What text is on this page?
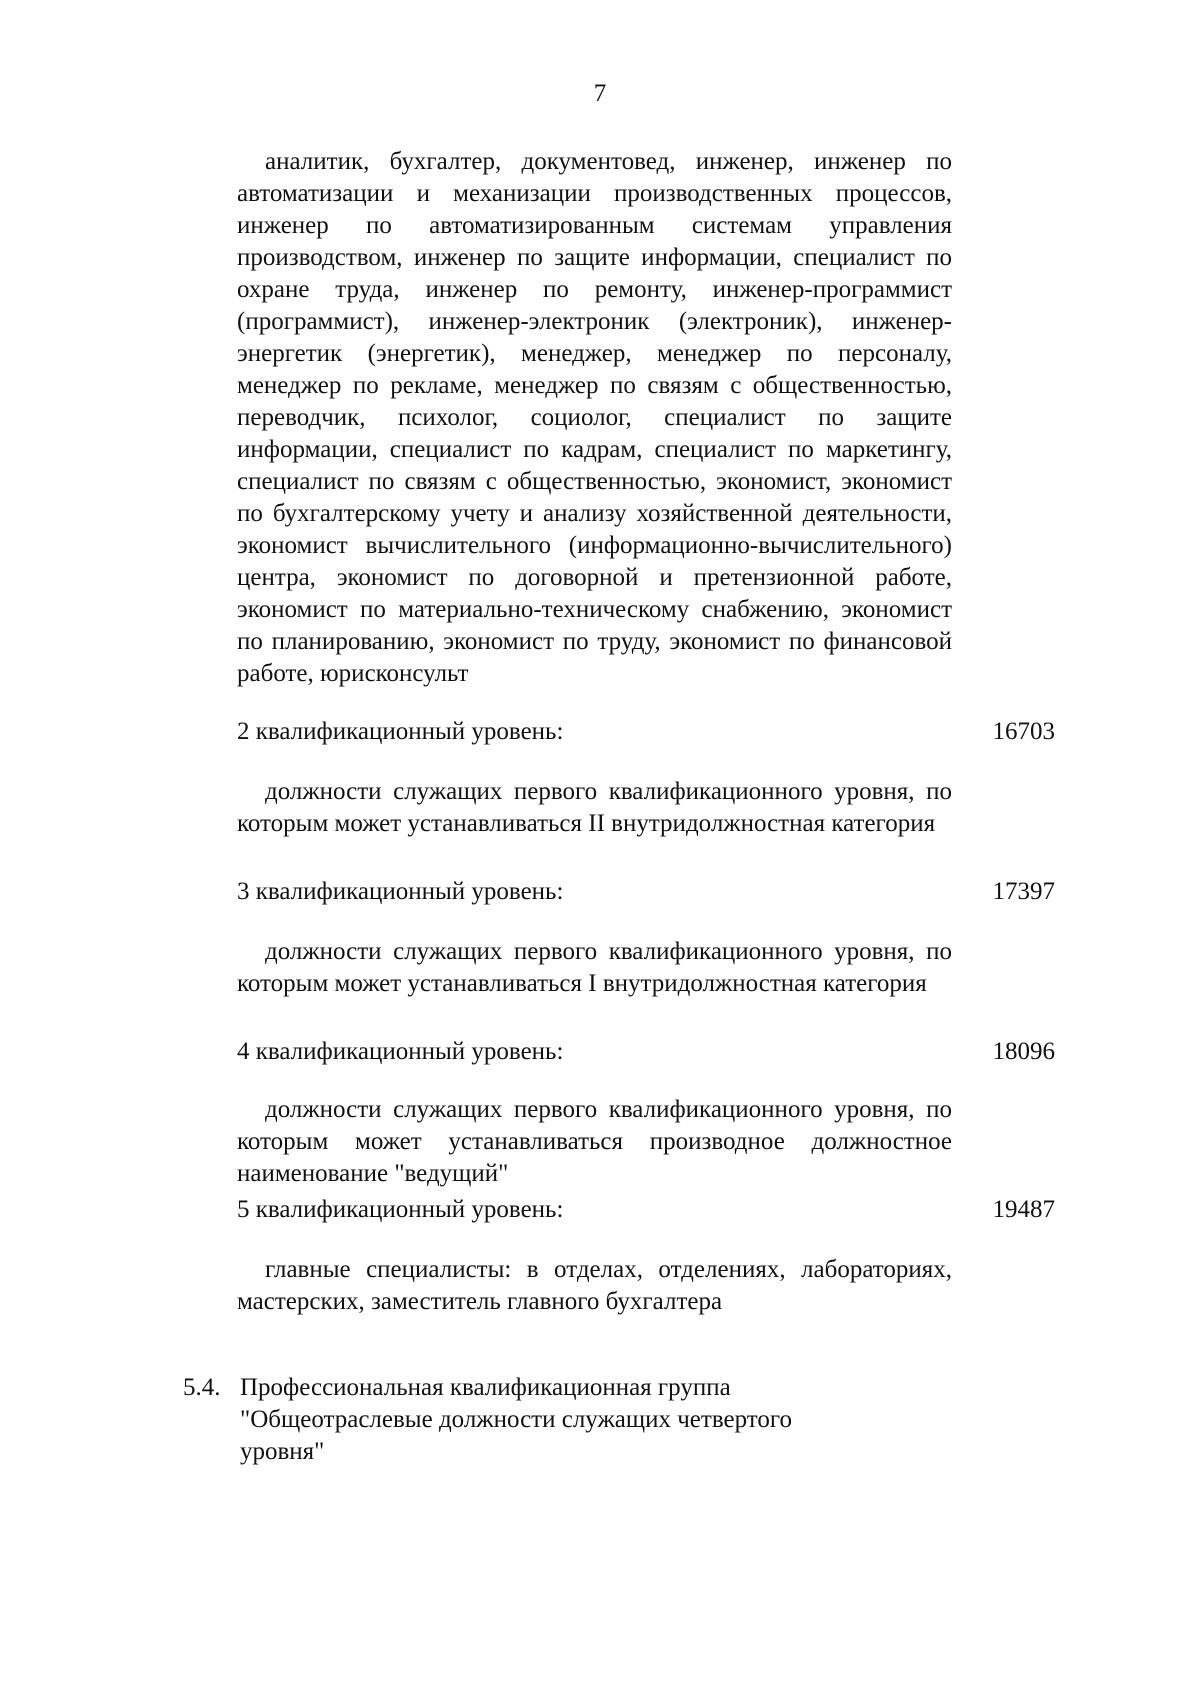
7
аналитик, бухгалтер, документовед, инженер, инженер по автоматизации и механизации производственных процессов, инженер по автоматизированным системам управления производством, инженер по защите информации, специалист по охране труда, инженер по ремонту, инженер-программист (программист), инженер-электроник (электроник), инженер-энергетик (энергетик), менеджер, менеджер по персоналу, менеджер по рекламе, менеджер по связям с общественностью, переводчик, психолог, социолог, специалист по защите информации, специалист по кадрам, специалист по маркетингу, специалист по связям с общественностью, экономист, экономист по бухгалтерскому учету и анализу хозяйственной деятельности, экономист вычислительного (информационно-вычислительного) центра, экономист по договорной и претензионной работе, экономист по материально-техническому снабжению, экономист по планированию, экономист по труду, экономист по финансовой работе, юрисконсульт
2 квалификационный уровень:	16703
должности служащих первого квалификационного уровня, по которым может устанавливаться II внутридолжностная категория
3 квалификационный уровень:	17397
должности служащих первого квалификационного уровня, по которым может устанавливаться I внутридолжностная категория
4 квалификационный уровень:	18096
должности служащих первого квалификационного уровня, по которым может устанавливаться производное должностное наименование "ведущий"
5 квалификационный уровень:	19487
главные специалисты: в отделах, отделениях, лабораториях, мастерских, заместитель главного бухгалтера
5.4. Профессиональная квалификационная группа "Общеотраслевые должности служащих четвертого уровня"
